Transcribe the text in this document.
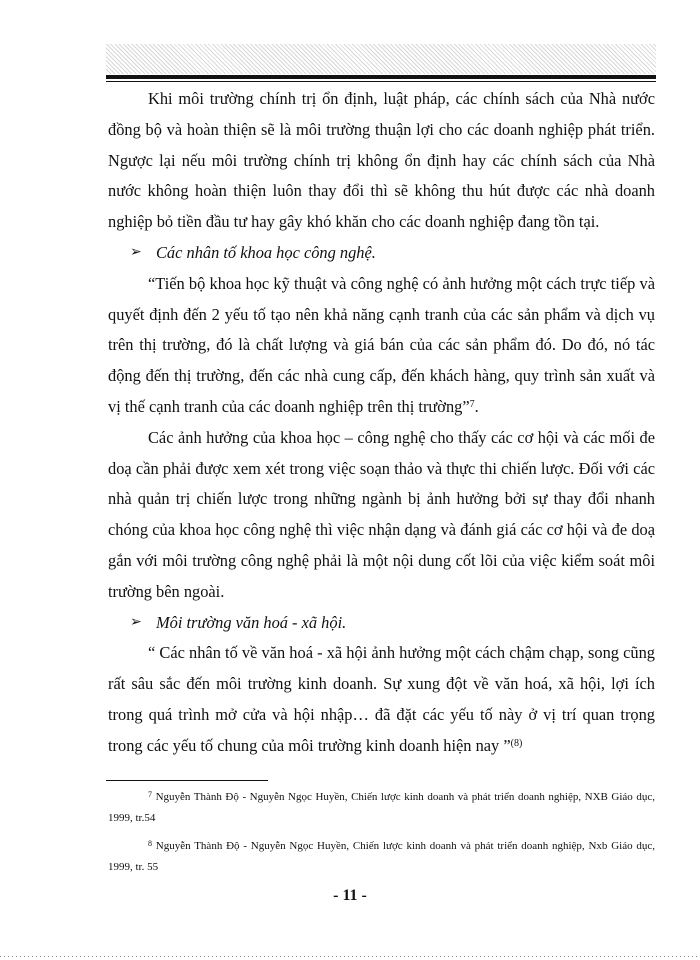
Khi môi trường chính trị ổn định, luật pháp, các chính sách của Nhà nước đồng bộ và hoàn thiện sẽ là môi trường thuận lợi cho các doanh nghiệp phát triển. Ngược lại nếu môi trường chính trị không ổn định hay các chính sách của Nhà nước không hoàn thiện luôn thay đổi thì sẽ không thu hút được các nhà doanh nghiệp bỏ tiền đầu tư hay gây khó khăn cho các doanh nghiệp đang tồn tại.

➢ Các nhân tố khoa học công nghệ.

“Tiến bộ khoa học kỹ thuật và công nghệ có ảnh hưởng một cách trực tiếp và quyết định đến 2 yếu tố tạo nên khả năng cạnh tranh của các sản phẩm và dịch vụ trên thị trường, đó là chất lượng và giá bán của các sản phẩm đó. Do đó, nó tác động đến thị trường, đến các nhà cung cấp, đến khách hàng, quy trình sản xuất và vị thế cạnh tranh của các doanh nghiệp trên thị trường”$^7$.

Các ảnh hưởng của khoa học – công nghệ cho thấy các cơ hội và các mối đe doạ cần phải được xem xét trong việc soạn thảo và thực thi chiến lược. Đối với các nhà quản trị chiến lược trong những ngành bị ảnh hưởng bởi sự thay đổi nhanh chóng của khoa học công nghệ thì việc nhận dạng và đánh giá các cơ hội và đe doạ gắn với môi trường công nghệ phải là một nội dung cốt lõi của việc kiểm soát môi trường bên ngoài.

➢ Môi trường văn hoá - xã hội.

“ Các nhân tố về văn hoá - xã hội ảnh hưởng một cách chậm chạp, song cũng rất sâu sắc đến môi trường kinh doanh. Sự xung đột về văn hoá, xã hội, lợi ích trong quá trình mở cửa và hội nhập… đã đặt các yếu tố này ở vị trí quan trọng trong các yếu tố chung của môi trường kinh doanh hiện nay ”$^{(8)}$

$^7$ Nguyễn Thành Độ - Nguyễn Ngọc Huyền, Chiến lược kinh doanh và phát triển doanh nghiệp, NXB Giáo dục, 1999, tr.54

$^8$ Nguyễn Thành Độ - Nguyễn Ngọc Huyền, Chiến lược kinh doanh và phát triển doanh nghiệp, Nxb Giáo dục, 1999, tr. 55

- 11 -
